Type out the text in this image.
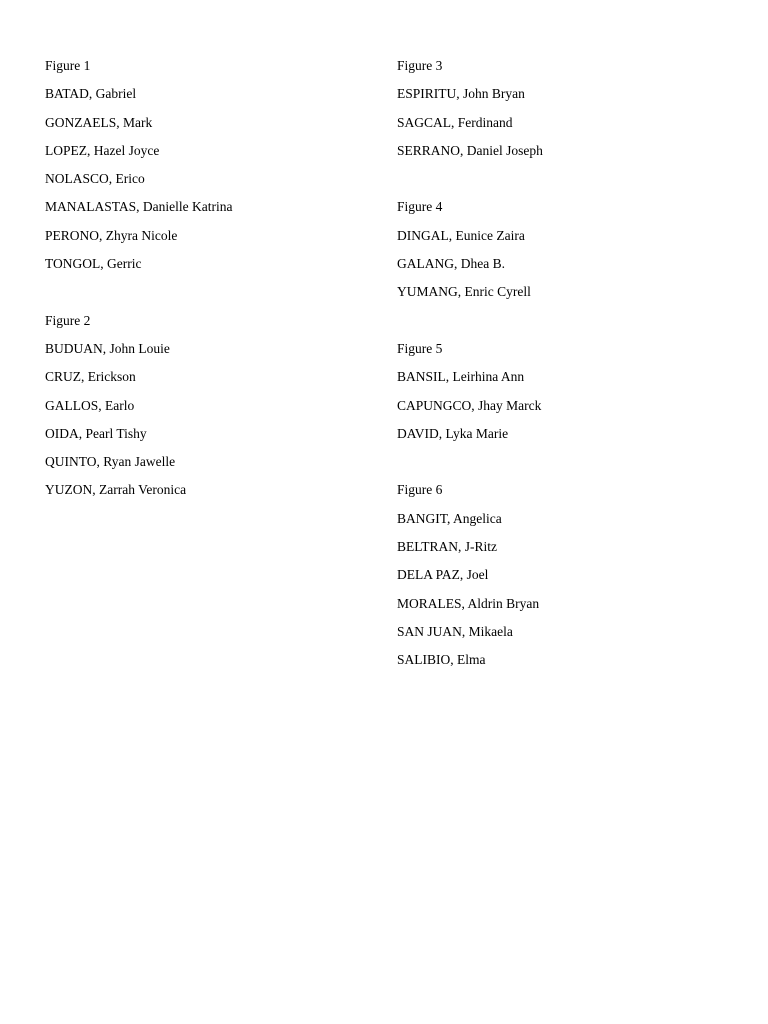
Figure 1
BATAD, Gabriel
GONZAELS, Mark
LOPEZ, Hazel Joyce
NOLASCO, Erico
MANALASTAS, Danielle Katrina
PERONO, Zhyra Nicole
TONGOL, Gerric
Figure 2
BUDUAN, John Louie
CRUZ, Erickson
GALLOS, Earlo
OIDA, Pearl Tishy
QUINTO, Ryan Jawelle
YUZON, Zarrah Veronica
Figure 3
ESPIRITU, John Bryan
SAGCAL, Ferdinand
SERRANO, Daniel Joseph
Figure 4
DINGAL, Eunice Zaira
GALANG, Dhea B.
YUMANG, Enric Cyrell
Figure 5
BANSIL, Leirhina Ann
CAPUNGCO, Jhay Marck
DAVID, Lyka Marie
Figure 6
BANGIT, Angelica
BELTRAN, J-Ritz
DELA PAZ, Joel
MORALES, Aldrin Bryan
SAN JUAN, Mikaela
SALIBIO, Elma
